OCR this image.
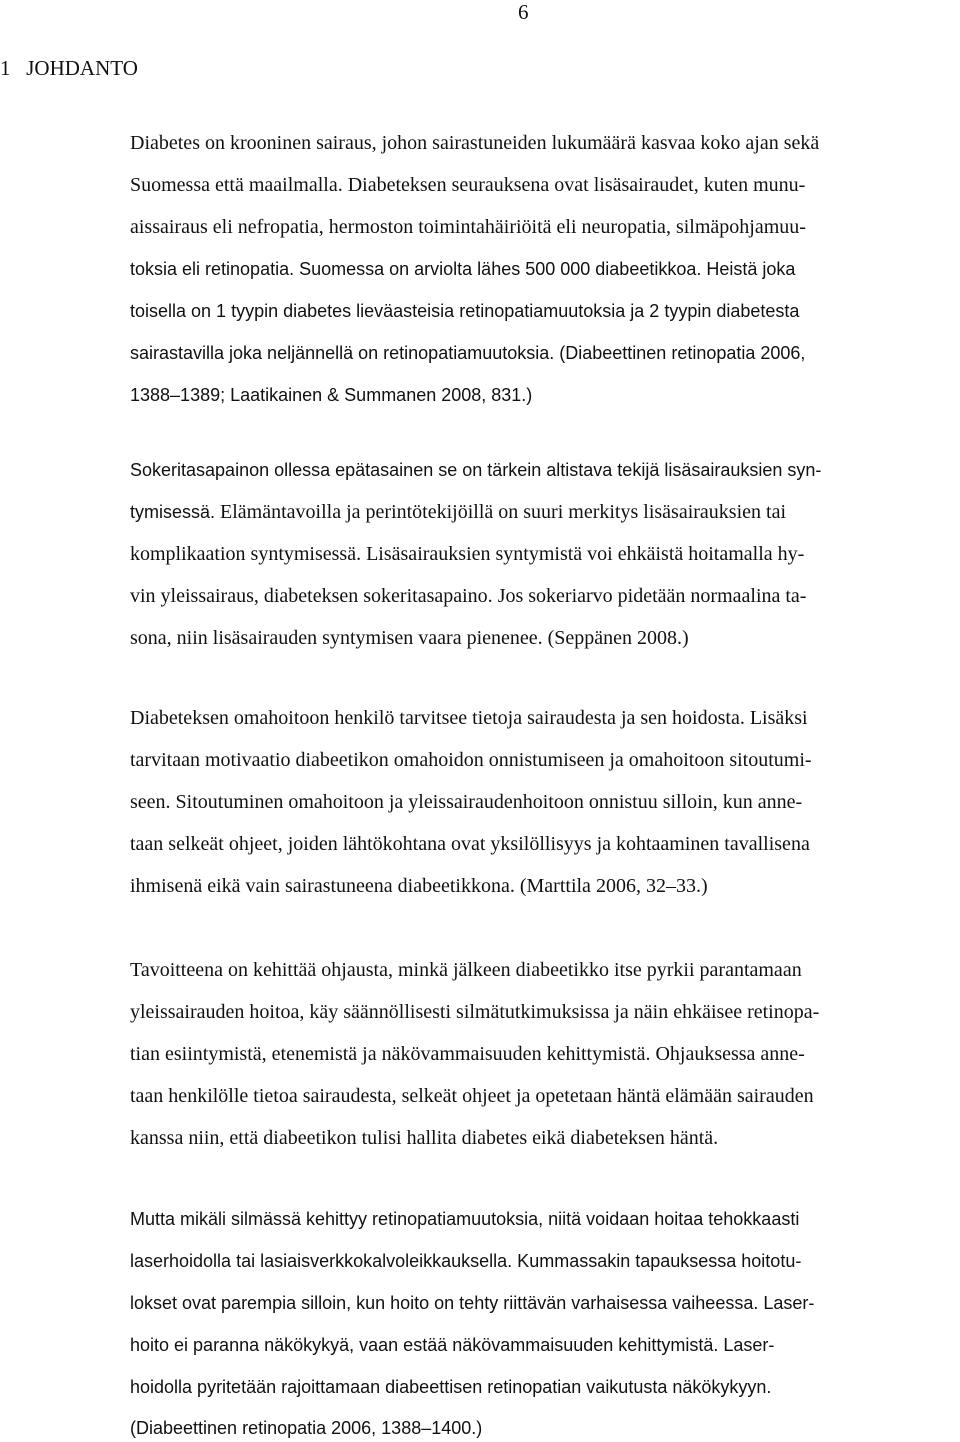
6
1 JOHDANTO
Diabetes on krooninen sairaus, johon sairastuneiden lukumäärä kasvaa koko ajan sekä
Suomessa että maailmalla. Diabeteksen seurauksena ovat lisäsairaudet, kuten munu-
aissairaus eli nefropatia, hermoston toimintahäiriöitä eli neuropatia, silmäpohjamuu-
toksia eli retinopatia. Suomessa on arviolta lähes 500 000 diabeetikkoa. Heistä joka
toisella on 1 tyypin diabetes lieväasteisia retinopatiamuutoksia ja 2 tyypin diabetesta
sairastavilla joka neljännellä on retinopatiamuutoksia. (Diabeettinen retinopatia 2006,
1388–1389; Laatikainen & Summanen 2008, 831.)
Sokeritasapainon ollessa epätasainen se on tärkein altistava tekijä lisäsairauksien syn-
tymisessä. Elämäntavoilla ja perintötekijöillä on suuri merkitys lisäsairauksien tai
komplikaation syntymisessä. Lisäsairauksien syntymistä voi ehkäistä hoitamalla hy-
vin yleissairaus, diabeteksen sokeritasapaino. Jos sokeriarvo pidetään normaalina ta-
sona, niin lisäsairauden syntymisen vaara pienenee. (Seppänen 2008.)
Diabeteksen omahoitoon henkilö tarvitsee tietoja sairaudesta ja sen hoidosta. Lisäksi
tarvitaan motivaatio diabeetikon omahoidon onnistumiseen ja omahoitoon sitoutumi-
seen. Sitoutuminen omahoitoon ja yleissairaudenhoitoon onnistuu silloin, kun anne-
taan selkeät ohjeet, joiden lähtökohtana ovat yksilöllisyys ja kohtaaminen tavallisena
ihmisenä eikä vain sairastuneena diabeetikkona. (Marttila 2006, 32–33.)
Tavoitteena on kehittää ohjausta, minkä jälkeen diabeetikko itse pyrkii parantamaan
yleissairauden hoitoa, käy säännöllisesti silmätutkimuksissa ja näin ehkäisee retinopa-
tian esiintymistä, etenemistä ja näkövammaisuuden kehittymistä. Ohjauksessa anne-
taan henkilölle tietoa sairaudesta, selkeät ohjeet ja opetetaan häntä elämään sairauden
kanssa niin, että diabeetikon tulisi hallita diabetes eikä diabeteksen häntä.
Mutta mikäli silmässä kehittyy retinopatiamuutoksia, niitä voidaan hoitaa tehokkaasti
laserhoidolla tai lasiaisverkkokalvoleikkauksella. Kummassakin tapauksessa hoitotu-
lokset ovat parempia silloin, kun hoito on tehty riittävän varhaisessa vaiheessa. Laser-
hoito ei paranna näkökykyä, vaan estää näkövammaisuuden kehittymistä. Laser-
hoidolla pyritetään rajoittamaan diabeettisen retinopatian vaikutusta näkökykyyn.
(Diabeettinen retinopatia 2006, 1388–1400.)
